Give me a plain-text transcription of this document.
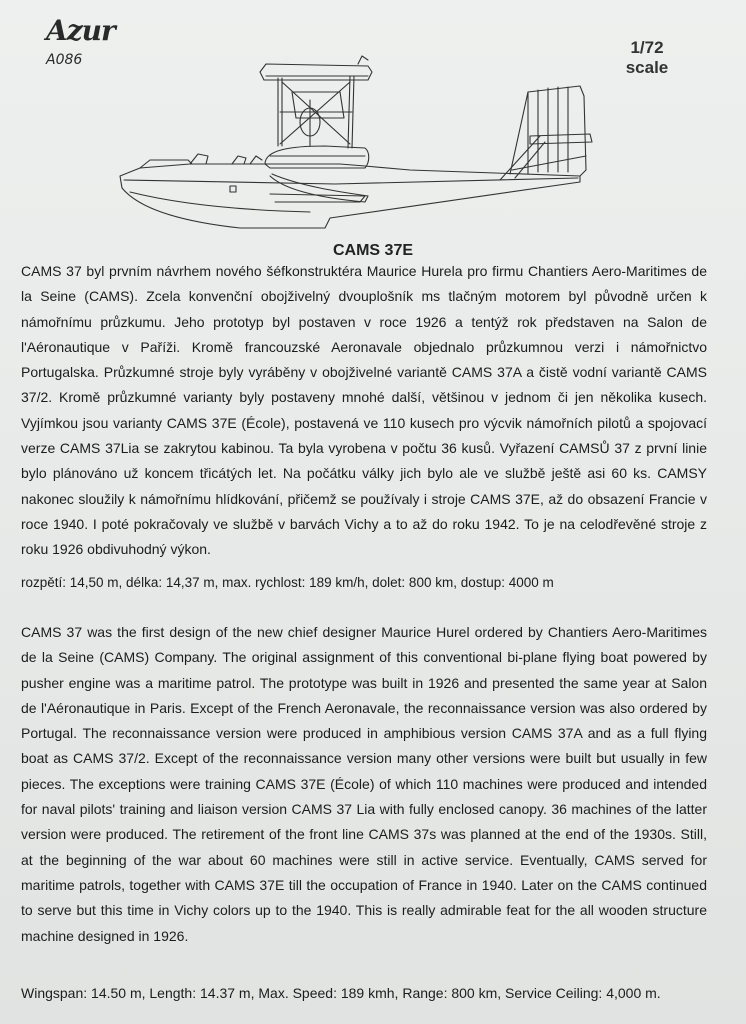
Azur
A086
1/72
scale
CAMS 37E

CAMS 37 byl prvním návrhem nového šéfkonstruktéra Maurice Hurela pro firmu Chantiers Aero-Maritimes de la Seine (CAMS). Zcela konvenční obojživelný dvouplošník ms tlačným motorem byl původně určen k námořnímu průzkumu. Jeho prototyp byl postaven v roce 1926 a tentýž rok představen na Salon de l'Aéronautique v Paříži. Kromě francouzské Aeronavale objednalo průzkumnou verzi i námořnictvo Portugalska. Průzkumné stroje byly vyráběny v obojživelné variantě CAMS 37A a čistě vodní variantě CAMS 37/2. Kromě průzkumné varianty byly postaveny mnohé další, většinou v jednom či jen několika kusech. Vyjímkou jsou varianty CAMS 37E (École), postavená ve 110 kusech pro výcvik námořních pilotů a spojovací verze CAMS 37Lia se zakrytou kabinou. Ta byla vyrobena v počtu 36 kusů. Vyřazení CAMSŮ 37 z první linie bylo plánováno už koncem třicátých let. Na počátku války jich bylo ale ve službě ještě asi 60 ks. CAMSY nakonec sloužily k námořnímu hlídkování, přičemž se používaly i stroje CAMS 37E, až do obsazení Francie v roce 1940. I poté pokračovaly ve službě v barvách Vichy a to až do roku 1942. To je na celodřevěné stroje z roku 1926 obdivuhodný výkon.

rozpětí: 14,50 m, délka: 14,37 m, max. rychlost: 189 km/h, dolet: 800 km, dostup: 4000 m

CAMS 37 was the first design of the new chief designer Maurice Hurel ordered by Chantiers Aero-Maritimes de la Seine (CAMS) Company. The original assignment of this conventional bi-plane flying boat powered by pusher engine was a maritime patrol. The prototype was built in 1926 and presented the same year at Salon de l'Aéronautique in Paris. Except of the French Aeronavale, the reconnaissance version was also ordered by Portugal. The reconnaissance version were produced in amphibious version CAMS 37A and as a full flying boat as CAMS 37/2. Except of the reconnaissance version many other versions were built but usually in few pieces. The exceptions were training CAMS 37E (École) of which 110 machines were produced and intended for naval pilots' training and liaison version CAMS 37 Lia with fully enclosed canopy. 36 machines of the latter version were produced. The retirement of the front line CAMS 37s was planned at the end of the 1930s. Still, at the beginning of the war about 60 machines were still in active service. Eventually, CAMS served for maritime patrols, together with CAMS 37E till the occupation of France in 1940. Later on the CAMS continued to serve but this time in Vichy colors up to the 1940. This is really admirable feat for the all wooden structure machine designed in 1926.

Wingspan: 14.50 m, Length: 14.37 m, Max. Speed: 189 kmh, Range: 800 km, Service Ceiling: 4,000 m.
